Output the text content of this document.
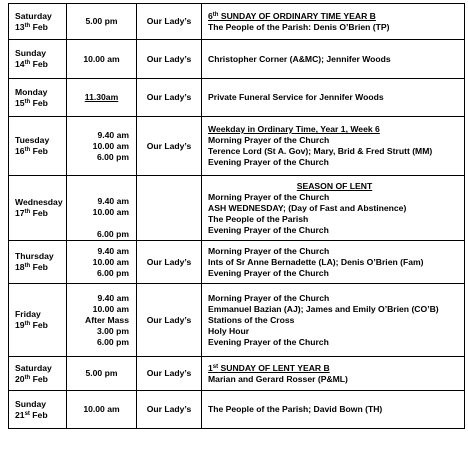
Saturday
13th Feb	5.00 pm	Our Lady’s	6th SUNDAY OF ORDINARY TIME YEAR B
The People of the Parish: Denis O’Brien (TP)

Sunday
14th Feb	10.00 am	Our Lady’s	Christopher Corner (A&MC); Jennifer Woods

Monday
15th Feb	11.30am	Our Lady’s	Private Funeral Service for Jennifer Woods

Tuesday
16th Feb	9.40 am
10.00 am
6.00 pm	Our Lady’s	Weekday in Ordinary Time, Year 1, Week 6
Morning Prayer of the Church
Terence Lord (St A. Gov); Mary, Brid & Fred Strutt (MM)
Evening Prayer of the Church

Wednesday
17th Feb	9.40 am
10.00 am
6.00 pm		SEASON OF LENT
Morning Prayer of the Church
ASH WEDNESDAY; (Day of Fast and Abstinence)
The People of the Parish
Evening Prayer of the Church

Thursday
18th Feb	9.40 am
10.00 am
6.00 pm	Our Lady’s	Morning Prayer of the Church
Ints of Sr Anne Bernadette (LA); Denis O’Brien (Fam)
Evening Prayer of the Church

Friday
19th Feb	9.40 am
10.00 am
After Mass
3.00 pm
6.00 pm	Our Lady’s	Morning Prayer of the Church
Emmanuel Bazian (AJ); James and Emily O’Brien (CO’B)
Stations of the Cross
Holy Hour
Evening Prayer of the Church

Saturday
20th Feb	5.00 pm	Our Lady’s	1st SUNDAY OF LENT YEAR B
Marian and Gerard Rosser (P&ML)

Sunday
21st Feb	10.00 am	Our Lady’s	The People of the Parish; David Bown (TH)
